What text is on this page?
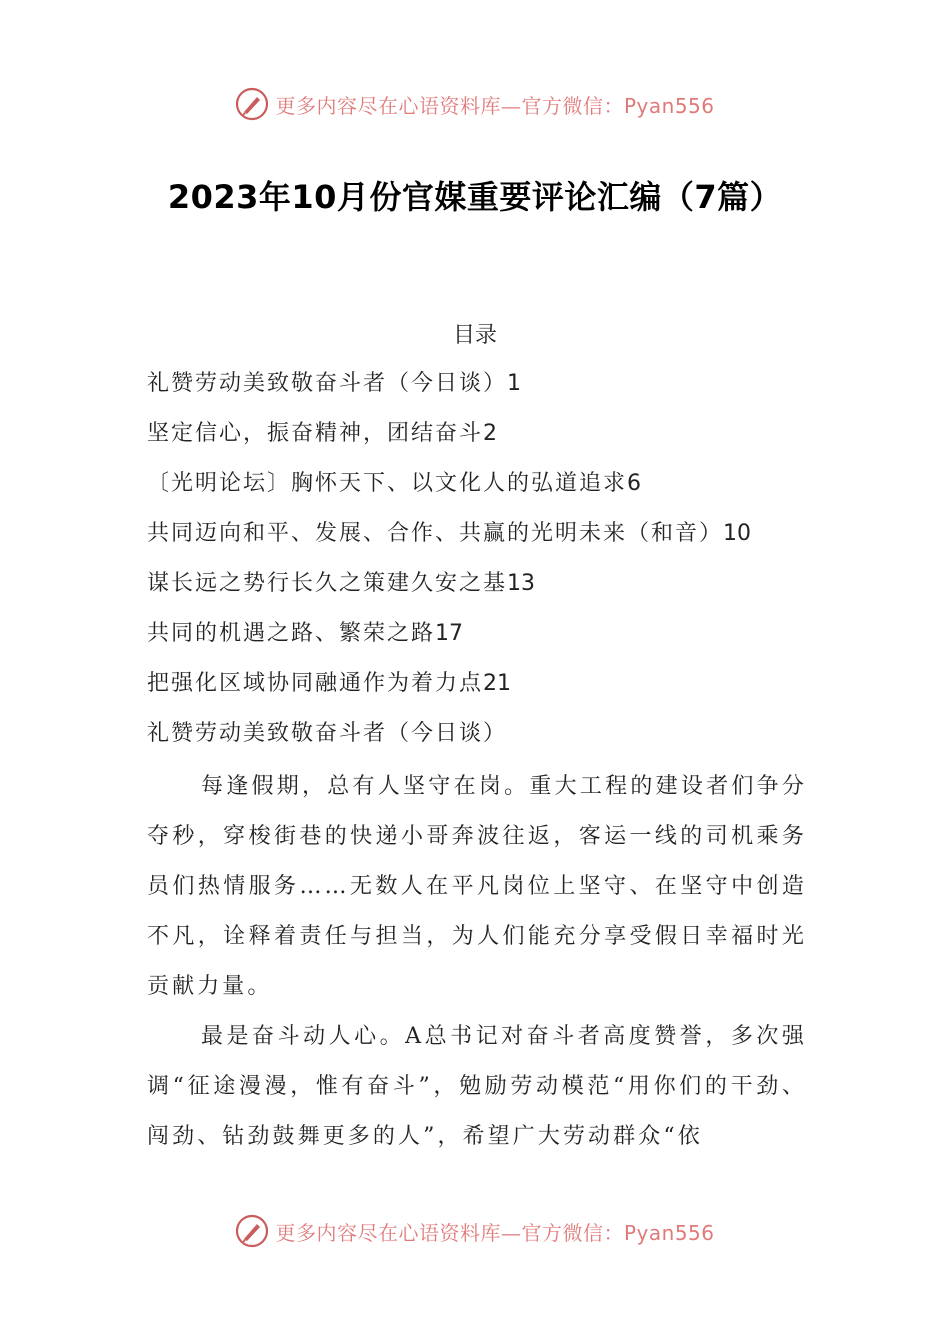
更多内容尽在心语资料库—官方微信：Pyan556
2023年10月份官媒重要评论汇编（7篇）
目录
礼赞劳动美致敬奋斗者（今日谈）1
坚定信心，振奋精神，团结奋斗2
〔光明论坛〕胸怀天下、以文化人的弘道追求6
共同迈向和平、发展、合作、共赢的光明未来（和音）10
谋长远之势行长久之策建久安之基13
共同的机遇之路、繁荣之路17
把强化区域协同融通作为着力点21
礼赞劳动美致敬奋斗者（今日谈）

每逢假期，总有人坚守在岗。重大工程的建设者们争分夺秒，穿梭街巷的快递小哥奔波往返，客运一线的司机乘务员们热情服务……无数人在平凡岗位上坚守、在坚守中创造不凡，诠释着责任与担当，为人们能充分享受假日幸福时光贡献力量。

最是奋斗动人心。A总书记对奋斗者高度赞誉，多次强调“征途漫漫，惟有奋斗”，勉励劳动模范“用你们的干劲、闯劲、钻劲鼓舞更多的人”，希望广大劳动群众“依

更多内容尽在心语资料库—官方微信：Pyan556
